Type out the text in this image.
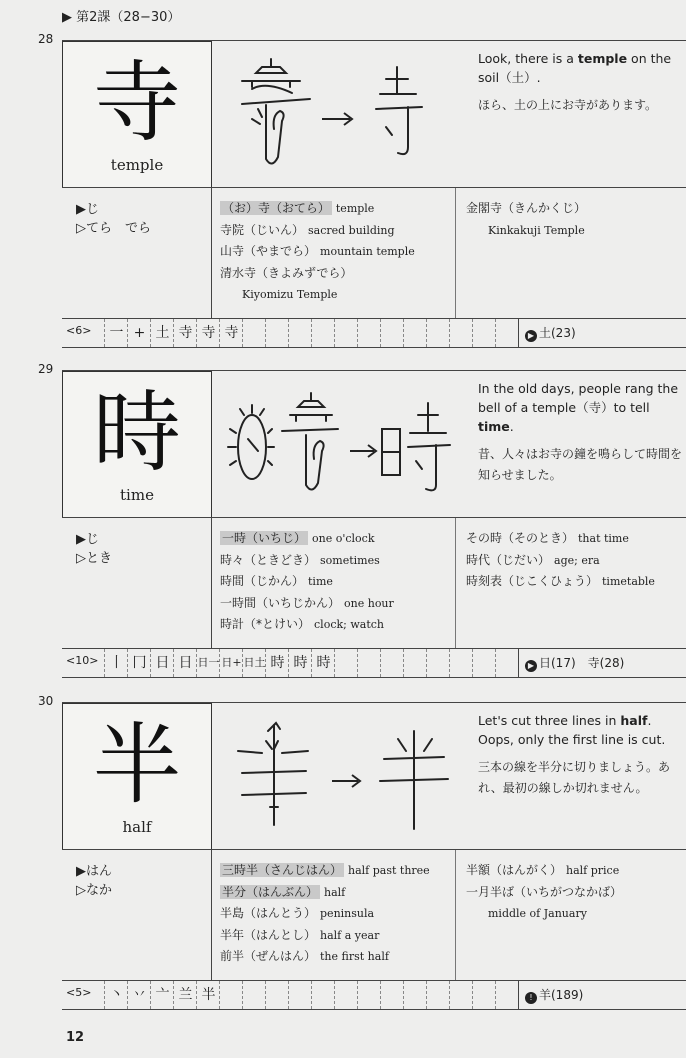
▶ 第2課（28−30）
28
寺
temple
Look, there is a temple on the soil（土）.
ほら、土の上にお寺があります。
▶じ
▷てら　でら
（お）寺（おてら） temple
寺院（じいん） sacred building
山寺（やまでら） mountain temple
清水寺（きよみずでら）
Kiyomizu Temple
金閣寺（きんかくじ）
Kinkakuji Temple
<6>	一 + 土 寺 寺 寺	▶ 土(23)
29
時
time
In the old days, people rang the bell of a temple（寺）to tell time.
昔、人々はお寺の鐘を鳴らして時間を知らせました。
▶じ
▷とき
一時（いちじ） one o'clock
時々（ときどき） sometimes
時間（じかん） time
一時間（いちじかん） one hour
時計（*とけい） clock; watch
その時（そのとき） that time
時代（じだい） age; era
時刻表（じこくひょう） timetable
<10> 丨 冂 日 日 日一 日+ 日土 時 時 時	▶ 日(17)　寺(28)
30
半
half
Let's cut three lines in half. Oops, only the first line is cut.
三本の線を半分に切りましょう。あれ、最初の線しか切れません。
▶はん
▷なか
三時半（さんじはん） half past three
半分（はんぶん） half
半島（はんとう） peninsula
半年（はんとし） half a year
前半（ぜんはん） the first half
半額（はんがく） half price
一月半ば（いちがつなかば）
middle of January
<5>	丶 丷 亠 兰 半	! 羊(189)
12
